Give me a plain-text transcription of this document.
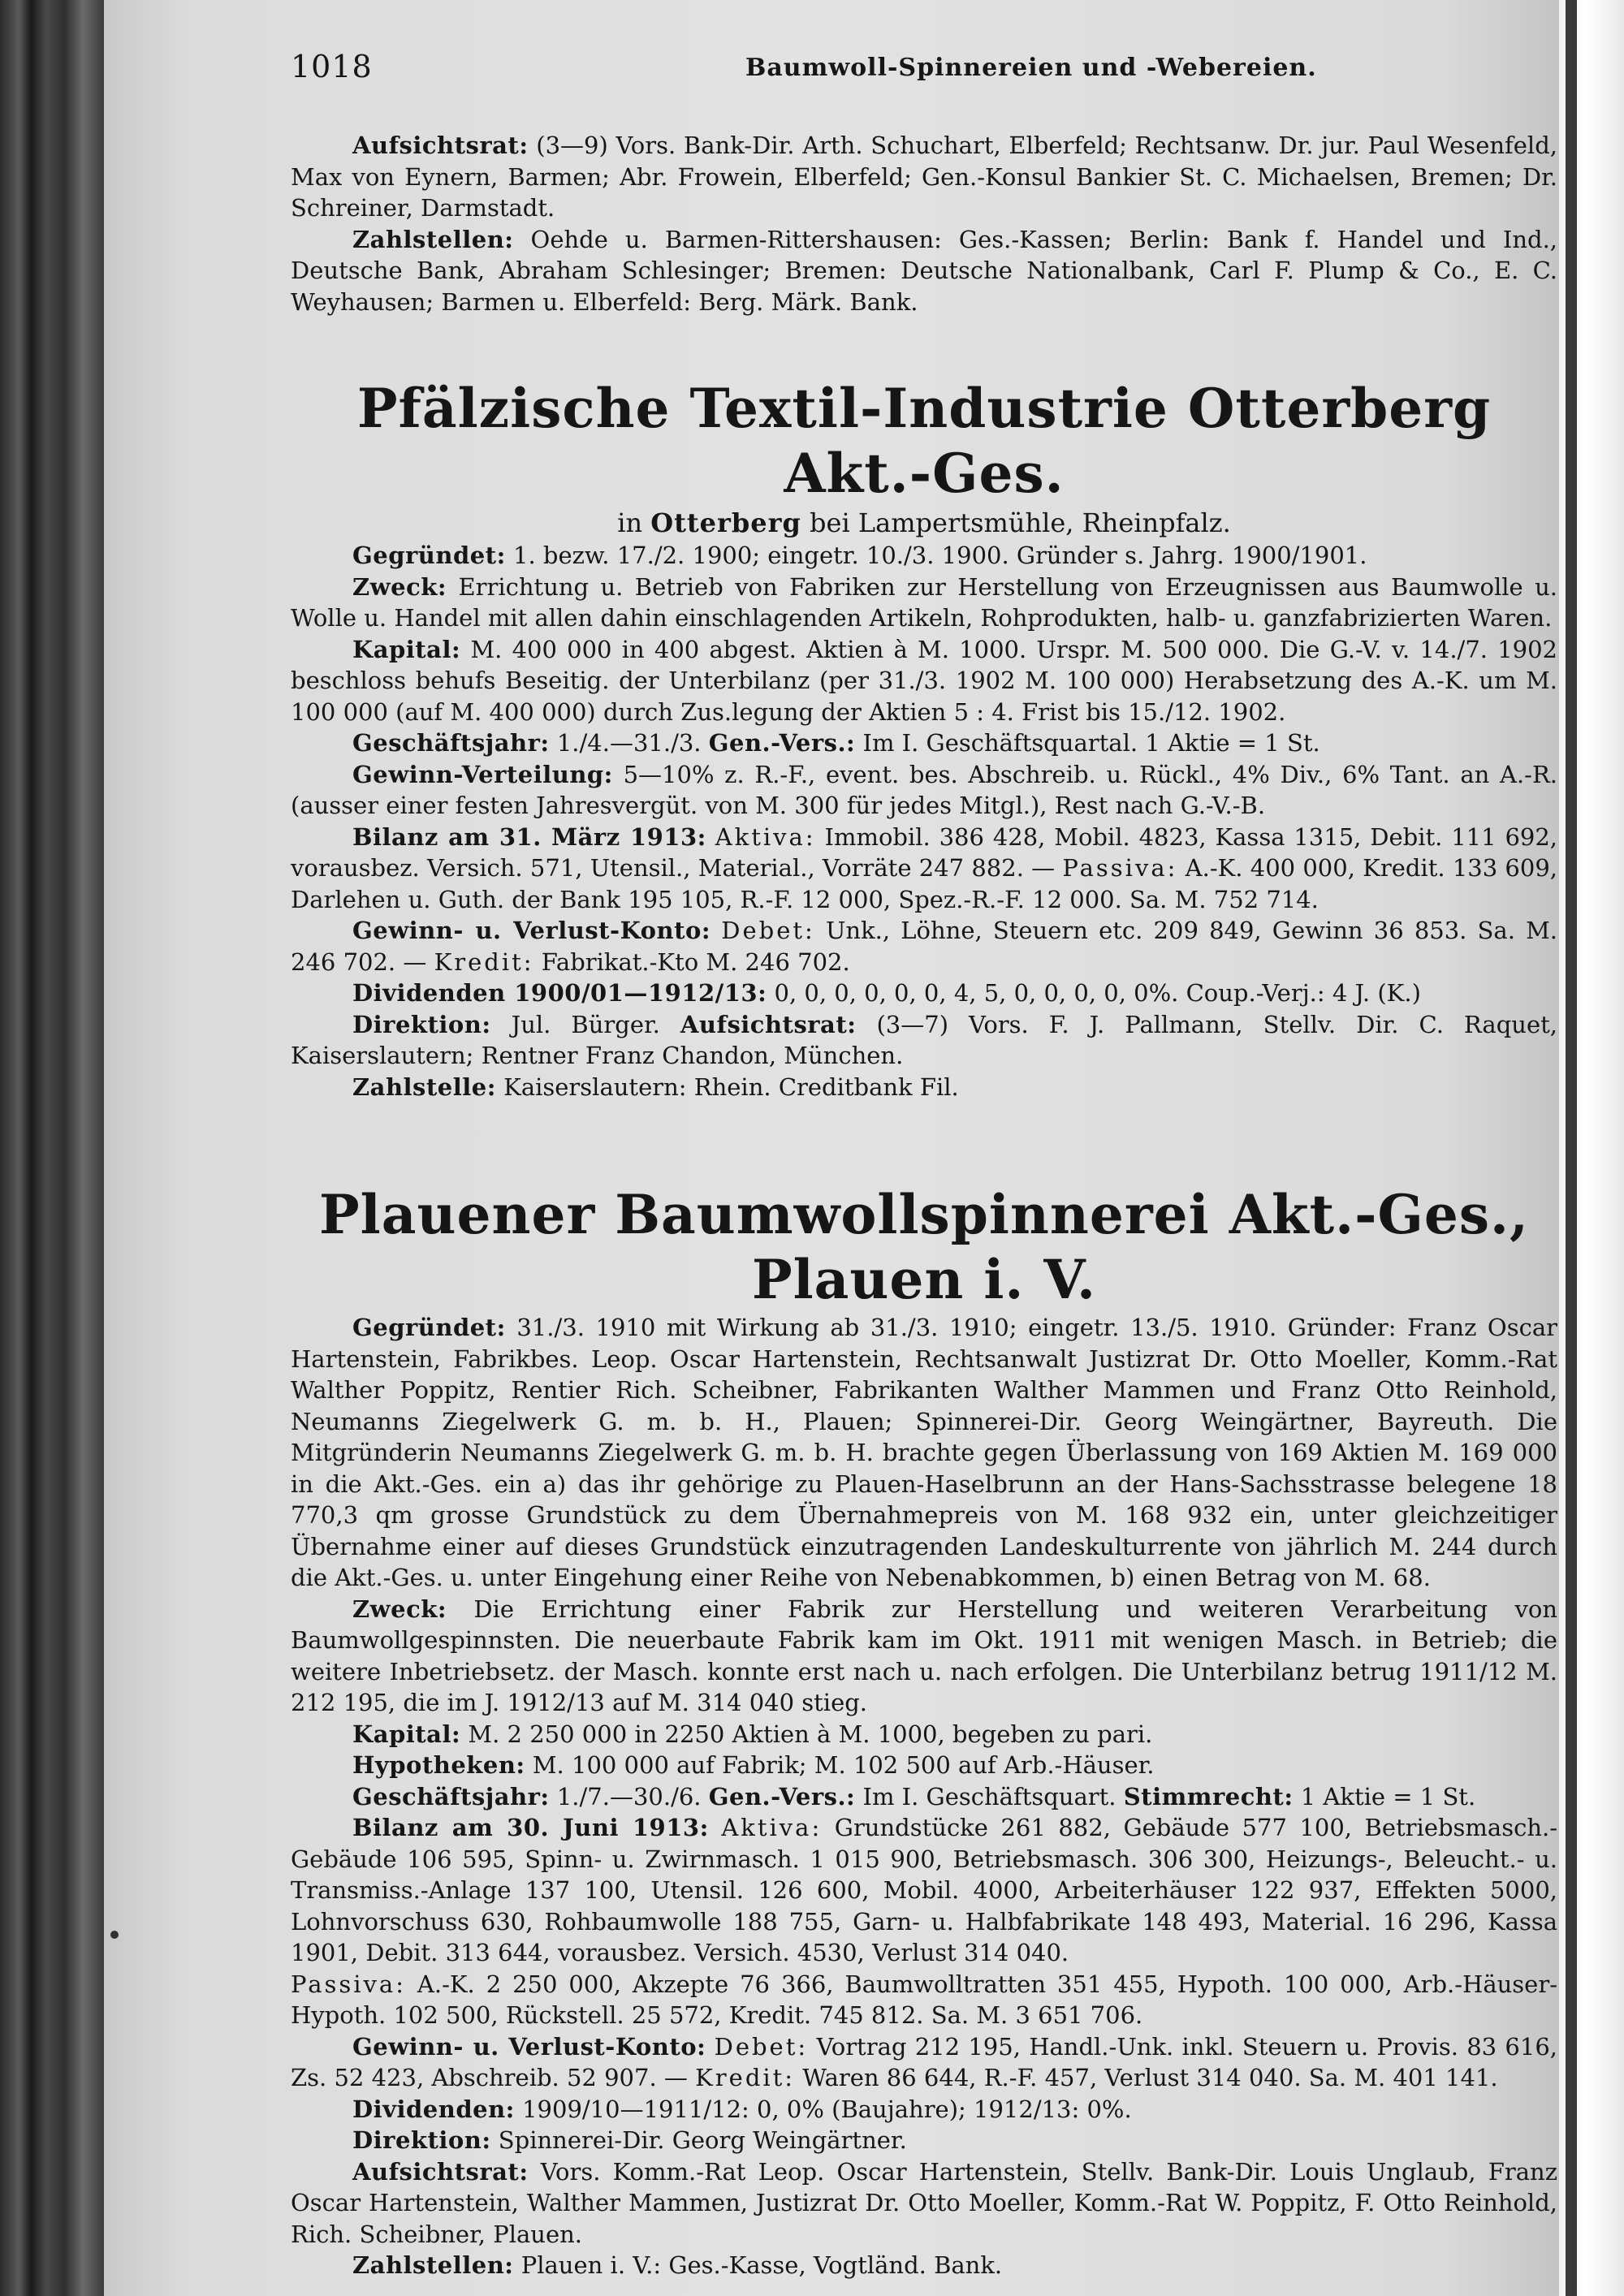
1018	Baumwoll-Spinnereien und -Webereien.

Aufsichtsrat: (3—9) Vors. Bank-Dir. Arth. Schuchart, Elberfeld; Rechtsanw. Dr. jur. Paul Wesenfeld, Max von Eynern, Barmen; Abr. Frowein, Elberfeld; Gen.-Konsul Bankier St. C. Michaelsen, Bremen; Dr. Schreiner, Darmstadt.

Zahlstellen: Oehde u. Barmen-Rittershausen: Ges.-Kassen; Berlin: Bank f. Handel und Ind., Deutsche Bank, Abraham Schlesinger; Bremen: Deutsche Nationalbank, Carl F. Plump & Co., E. C. Weyhausen; Barmen u. Elberfeld: Berg. Märk. Bank.

Pfälzische Textil-Industrie Otterberg Akt.-Ges.

in Otterberg bei Lampertsmühle, Rheinpfalz.

Gegründet: 1. bezw. 17./2. 1900; eingetr. 10./3. 1900. Gründer s. Jahrg. 1900/1901.

Zweck: Errichtung u. Betrieb von Fabriken zur Herstellung von Erzeugnissen aus Baumwolle u. Wolle u. Handel mit allen dahin einschlagenden Artikeln, Rohprodukten, halb- u. ganzfabrizierten Waren.

Kapital: M. 400 000 in 400 abgest. Aktien à M. 1000. Urspr. M. 500 000. Die G.-V. v. 14./7. 1902 beschloss behufs Beseitig. der Unterbilanz (per 31./3. 1902 M. 100 000) Herabsetzung des A.-K. um M. 100 000 (auf M. 400 000) durch Zus.legung der Aktien 5 : 4. Frist bis 15./12. 1902.

Geschäftsjahr: 1./4.—31./3. Gen.-Vers.: Im I. Geschäftsquartal. 1 Aktie = 1 St.

Gewinn-Verteilung: 5—10% z. R.-F., event. bes. Abschreib. u. Rückl., 4% Div., 6% Tant. an A.-R. (ausser einer festen Jahresvergüt. von M. 300 für jedes Mitgl.), Rest nach G.-V.-B.

Bilanz am 31. März 1913: Aktiva: Immobil. 386 428, Mobil. 4823, Kassa 1315, Debit. 111 692, vorausbez. Versich. 571, Utensil., Material., Vorräte 247 882. — Passiva: A.-K. 400 000, Kredit. 133 609, Darlehen u. Guth. der Bank 195 105, R.-F. 12 000, Spez.-R.-F. 12 000. Sa. M. 752 714.

Gewinn- u. Verlust-Konto: Debet: Unk., Löhne, Steuern etc. 209 849, Gewinn 36 853. Sa. M. 246 702. — Kredit: Fabrikat.-Kto M. 246 702.

Dividenden 1900/01—1912/13: 0, 0, 0, 0, 0, 0, 4, 5, 0, 0, 0, 0, 0%. Coup.-Verj.: 4 J. (K.)

Direktion: Jul. Bürger. Aufsichtsrat: (3—7) Vors. F. J. Pallmann, Stellv. Dir. C. Raquet, Kaiserslautern; Rentner Franz Chandon, München.

Zahlstelle: Kaiserslautern: Rhein. Creditbank Fil.

Plauener Baumwollspinnerei Akt.-Ges., Plauen i. V.

Gegründet: 31./3. 1910 mit Wirkung ab 31./3. 1910; eingetr. 13./5. 1910. Gründer: Franz Oscar Hartenstein, Fabrikbes. Leop. Oscar Hartenstein, Rechtsanwalt Justizrat Dr. Otto Moeller, Komm.-Rat Walther Poppitz, Rentier Rich. Scheibner, Fabrikanten Walther Mammen und Franz Otto Reinhold, Neumanns Ziegelwerk G. m. b. H., Plauen; Spinnerei-Dir. Georg Weingärtner, Bayreuth. Die Mitgründerin Neumanns Ziegelwerk G. m. b. H. brachte gegen Überlassung von 169 Aktien M. 169 000 in die Akt.-Ges. ein a) das ihr gehörige zu Plauen-Haselbrunn an der Hans-Sachsstrasse belegene 18 770,3 qm grosse Grundstück zu dem Übernahmepreis von M. 168 932 ein, unter gleichzeitiger Übernahme einer auf dieses Grundstück einzutragenden Landeskulturrente von jährlich M. 244 durch die Akt.-Ges. u. unter Eingehung einer Reihe von Nebenabkommen, b) einen Betrag von M. 68.

Zweck: Die Errichtung einer Fabrik zur Herstellung und weiteren Verarbeitung von Baumwollgespinnsten. Die neuerbaute Fabrik kam im Okt. 1911 mit wenigen Masch. in Betrieb; die weitere Inbetriebsetz. der Masch. konnte erst nach u. nach erfolgen. Die Unterbilanz betrug 1911/12 M. 212 195, die im J. 1912/13 auf M. 314 040 stieg.

Kapital: M. 2 250 000 in 2250 Aktien à M. 1000, begeben zu pari.

Hypotheken: M. 100 000 auf Fabrik; M. 102 500 auf Arb.-Häuser.

Geschäftsjahr: 1./7.—30./6. Gen.-Vers.: Im I. Geschäftsquart. Stimmrecht: 1 Aktie = 1 St.

Bilanz am 30. Juni 1913: Aktiva: Grundstücke 261 882, Gebäude 577 100, Betriebsmasch.-Gebäude 106 595, Spinn- u. Zwirnmasch. 1 015 900, Betriebsmasch. 306 300, Heizungs-, Beleucht.- u. Transmiss.-Anlage 137 100, Utensil. 126 600, Mobil. 4000, Arbeiterhäuser 122 937, Effekten 5000, Lohnvorschuss 630, Rohbaumwolle 188 755, Garn- u. Halbfabrikate 148 493, Material. 16 296, Kassa 1901, Debit. 313 644, vorausbez. Versich. 4530, Verlust 314 040.

Passiva: A.-K. 2 250 000, Akzepte 76 366, Baumwolltratten 351 455, Hypoth. 100 000, Arb.-Häuser-Hypoth. 102 500, Rückstell. 25 572, Kredit. 745 812. Sa. M. 3 651 706.

Gewinn- u. Verlust-Konto: Debet: Vortrag 212 195, Handl.-Unk. inkl. Steuern u. Provis. 83 616, Zs. 52 423, Abschreib. 52 907. — Kredit: Waren 86 644, R.-F. 457, Verlust 314 040. Sa. M. 401 141.

Dividenden: 1909/10—1911/12: 0, 0% (Baujahre); 1912/13: 0%.

Direktion: Spinnerei-Dir. Georg Weingärtner.

Aufsichtsrat: Vors. Komm.-Rat Leop. Oscar Hartenstein, Stellv. Bank-Dir. Louis Unglaub, Franz Oscar Hartenstein, Walther Mammen, Justizrat Dr. Otto Moeller, Komm.-Rat W. Poppitz, F. Otto Reinhold, Rich. Scheibner, Plauen.

Zahlstellen: Plauen i. V.: Ges.-Kasse, Vogtländ. Bank.
